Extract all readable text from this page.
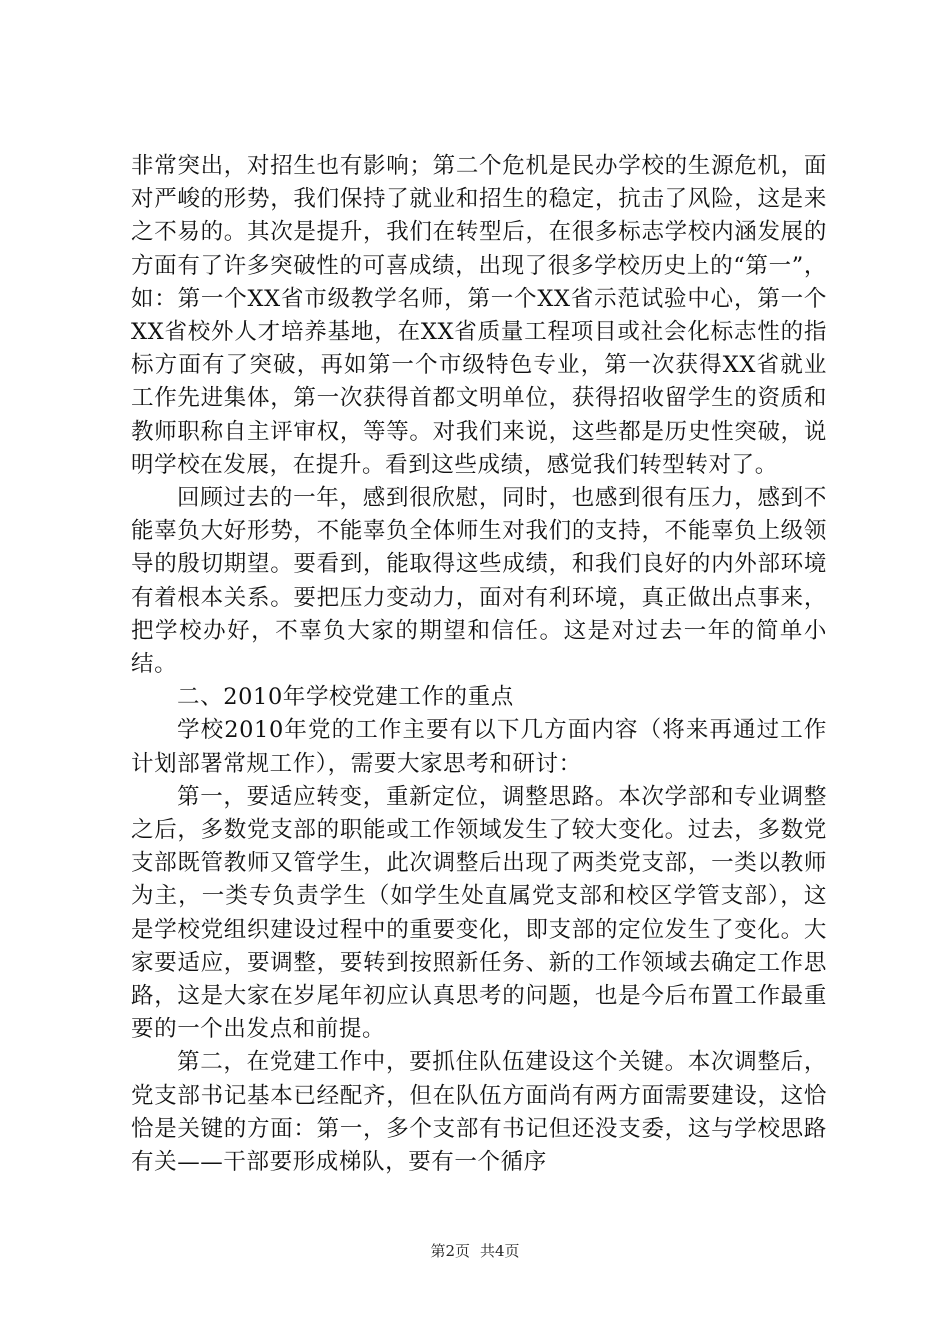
非常突出，对招生也有影响；第二个危机是民办学校的生源危机，面对严峻的形势，我们保持了就业和招生的稳定，抗击了风险，这是来之不易的。其次是提升，我们在转型后，在很多标志学校内涵发展的方面有了许多突破性的可喜成绩，出现了很多学校历史上的“第一”，如：第一个XX省市级教学名师，第一个XX省示范试验中心，第一个XX省校外人才培养基地，在XX省质量工程项目或社会化标志性的指标方面有了突破，再如第一个市级特色专业，第一次获得XX省就业工作先进集体，第一次获得首都文明单位，获得招收留学生的资质和教师职称自主评审权，等等。对我们来说，这些都是历史性突破，说明学校在发展，在提升。看到这些成绩，感觉我们转型转对了。

回顾过去的一年，感到很欣慰，同时，也感到很有压力，感到不能辜负大好形势，不能辜负全体师生对我们的支持，不能辜负上级领导的殷切期望。要看到，能取得这些成绩，和我们良好的内外部环境有着根本关系。要把压力变动力，面对有利环境，真正做出点事来，把学校办好，不辜负大家的期望和信任。这是对过去一年的简单小结。

二、2010年学校党建工作的重点

学校2010年党的工作主要有以下几方面内容（将来再通过工作计划部署常规工作），需要大家思考和研讨：

第一，要适应转变，重新定位，调整思路。本次学部和专业调整之后，多数党支部的职能或工作领域发生了较大变化。过去，多数党支部既管教师又管学生，此次调整后出现了两类党支部，一类以教师为主，一类专负责学生（如学生处直属党支部和校区学管支部），这是学校党组织建设过程中的重要变化，即支部的定位发生了变化。大家要适应，要调整，要转到按照新任务、新的工作领域去确定工作思路，这是大家在岁尾年初应认真思考的问题，也是今后布置工作最重要的一个出发点和前提。

第二，在党建工作中，要抓住队伍建设这个关键。本次调整后，党支部书记基本已经配齐，但在队伍方面尚有两方面需要建设，这恰恰是关键的方面：第一，多个支部有书记但还没支委，这与学校思路有关——干部要形成梯队，要有一个循序

第2页 共4页
